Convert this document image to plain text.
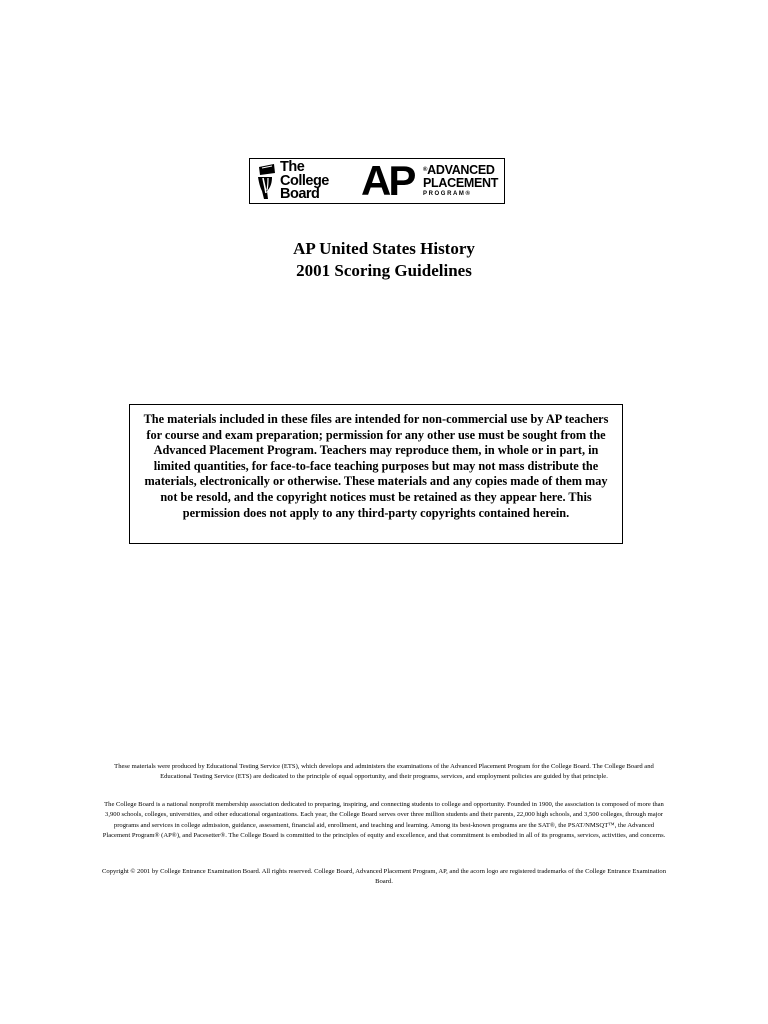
The
College
Board AP ®ADVANCED
PLACEMENT
PROGRAM®
AP United States History
2001 Scoring Guidelines
The materials included in these files are intended for non-commercial use by AP teachers for course and exam preparation; permission for any other use must be sought from the Advanced Placement Program. Teachers may reproduce them, in whole or in part, in limited quantities, for face-to-face teaching purposes but may not mass distribute the materials, electronically or otherwise. These materials and any copies made of them may not be resold, and the copyright notices must be retained as they appear here. This permission does not apply to any third-party copyrights contained herein.
These materials were produced by Educational Testing Service (ETS), which develops and administers the examinations of the Advanced Placement Program for the College Board. The College Board and Educational Testing Service (ETS) are dedicated to the principle of equal opportunity, and their programs, services, and employment policies are guided by that principle.
The College Board is a national nonprofit membership association dedicated to preparing, inspiring, and connecting students to college and opportunity. Founded in 1900, the association is composed of more than 3,900 schools, colleges, universities, and other educational organizations. Each year, the College Board serves over three million students and their parents, 22,000 high schools, and 3,500 colleges, through major programs and services in college admission, guidance, assessment, financial aid, enrollment, and teaching and learning. Among its best-known programs are the SAT®, the PSAT/NMSQT™, the Advanced Placement Program® (AP®), and Pacesetter®. The College Board is committed to the principles of equity and excellence, and that commitment is embodied in all of its programs, services, activities, and concerns.
Copyright © 2001 by College Entrance Examination Board. All rights reserved. College Board, Advanced Placement Program, AP, and the acorn logo are registered trademarks of the College Entrance Examination Board.
